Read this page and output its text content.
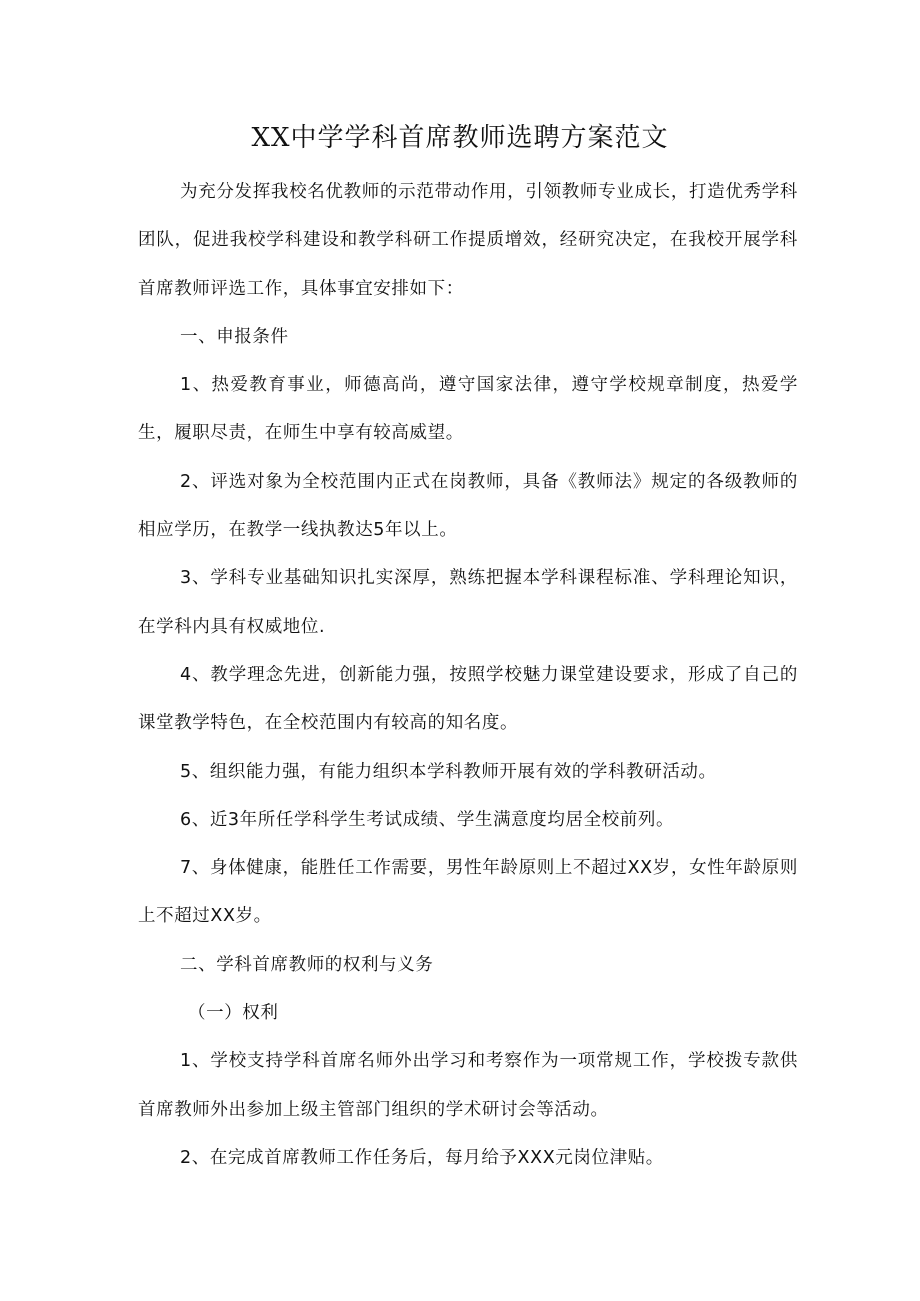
XX中学学科首席教师选聘方案范文

为充分发挥我校名优教师的示范带动作用，引领教师专业成长，打造优秀学科团队，促进我校学科建设和教学科研工作提质增效，经研究决定，在我校开展学科首席教师评选工作，具体事宜安排如下：

一、申报条件

1、热爱教育事业，师德高尚，遵守国家法律，遵守学校规章制度，热爱学生，履职尽责，在师生中享有较高威望。

2、评选对象为全校范围内正式在岗教师，具备《教师法》规定的各级教师的相应学历，在教学一线执教达5年以上。

3、学科专业基础知识扎实深厚，熟练把握本学科课程标准、学科理论知识，在学科内具有权威地位.

4、教学理念先进，创新能力强，按照学校魅力课堂建设要求，形成了自己的课堂教学特色，在全校范围内有较高的知名度。

5、组织能力强，有能力组织本学科教师开展有效的学科教研活动。

6、近3年所任学科学生考试成绩、学生满意度均居全校前列。

7、身体健康，能胜任工作需要，男性年龄原则上不超过XX岁，女性年龄原则上不超过XX岁。

二、学科首席教师的权利与义务

（一）权利

1、学校支持学科首席名师外出学习和考察作为一项常规工作，学校拨专款供首席教师外出参加上级主管部门组织的学术研讨会等活动。

2、在完成首席教师工作任务后，每月给予XXX元岗位津贴。
